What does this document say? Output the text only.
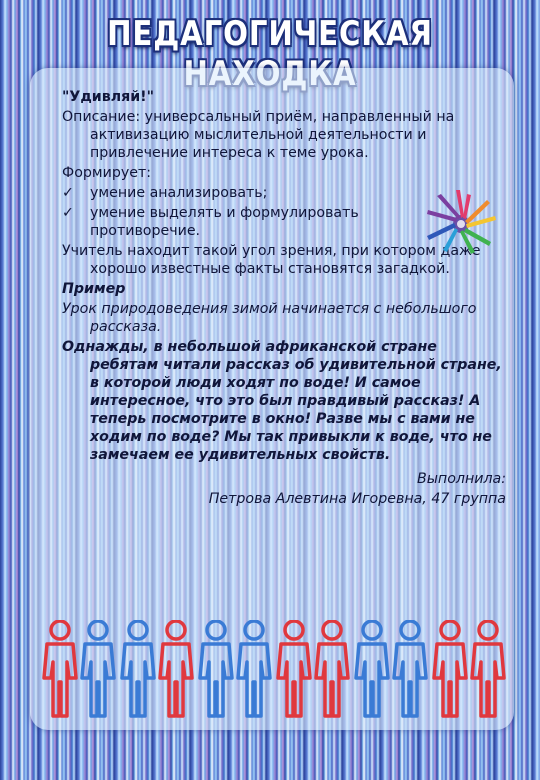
ПЕДАГОГИЧЕСКАЯ

"Удивляй!"

Описание: универсальный приём, направленный на активизацию мыслительной деятельности и привлечение интереса к теме урока.

Формирует:

✓ умение анализировать;
✓ умение выделять и формулировать противоречие.

Учитель находит такой угол зрения, при котором даже хорошо известные факты становятся загадкой.

Пример

Урок природоведения зимой начинается с небольшого рассказа.

Однажды, в небольшой африканской стране ребятам читали рассказ об удивительной стране, в которой люди ходят по воде! И самое интересное, что это был правдивый рассказ! А теперь посмотрите в окно! Разве мы с вами не ходим по воде? Мы так привыкли к воде, что не замечаем ее удивительных свойств.

Выполнила:

Петрова Алевтина Игоревна, 47 группа
